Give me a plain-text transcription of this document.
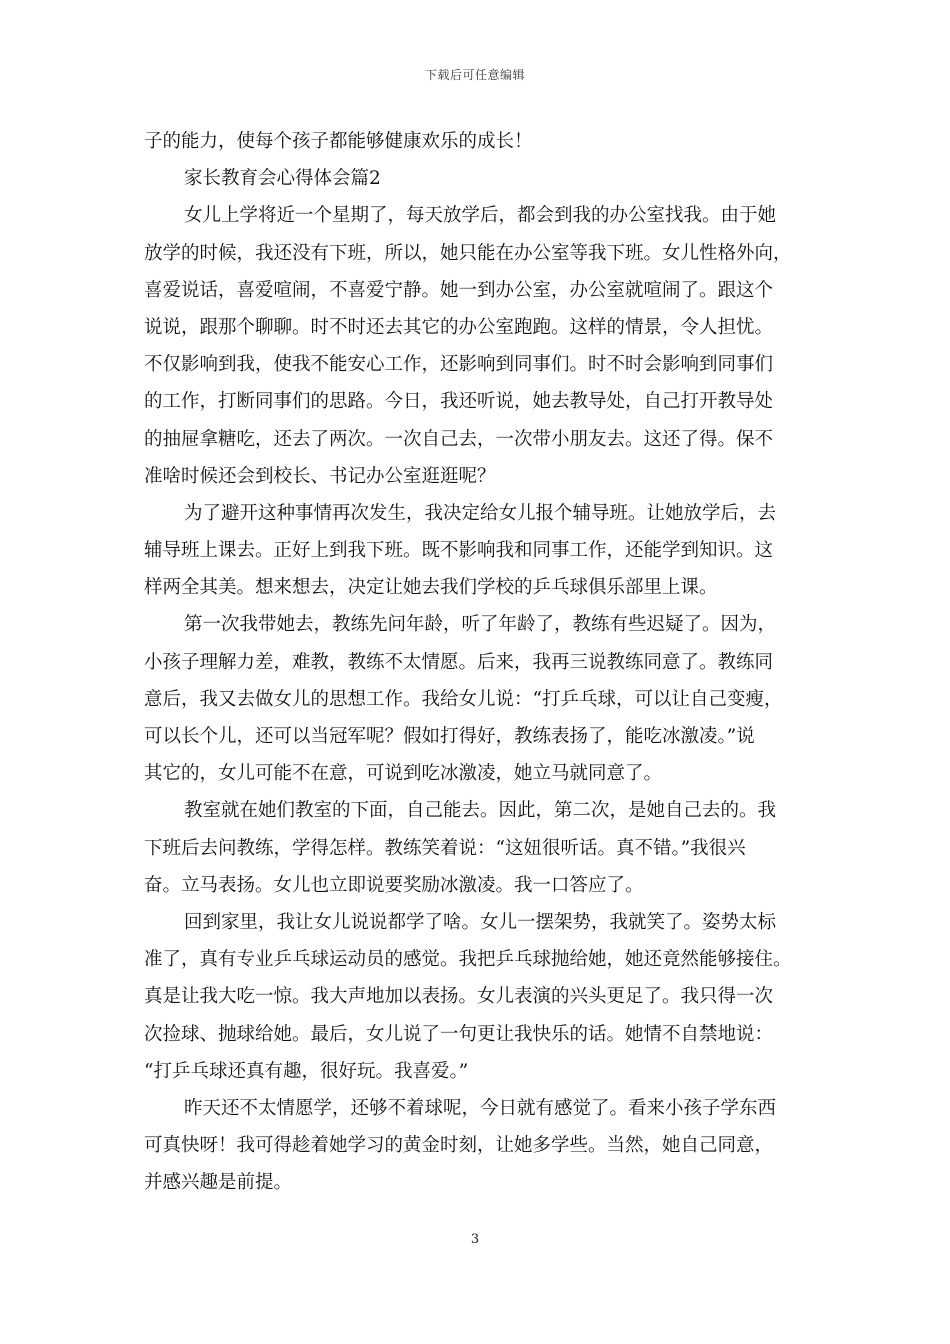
下载后可任意编辑
子的能力，使每个孩子都能够健康欢乐的成长！
家长教育会心得体会篇2
女儿上学将近一个星期了，每天放学后，都会到我的办公室找我。由于她
放学的时候，我还没有下班，所以，她只能在办公室等我下班。女儿性格外向，
喜爱说话，喜爱喧闹，不喜爱宁静。她一到办公室，办公室就喧闹了。跟这个
说说，跟那个聊聊。时不时还去其它的办公室跑跑。这样的情景，令人担忧。
不仅影响到我，使我不能安心工作，还影响到同事们。时不时会影响到同事们
的工作，打断同事们的思路。今日，我还听说，她去教导处，自己打开教导处
的抽屉拿糖吃，还去了两次。一次自己去，一次带小朋友去。这还了得。保不
准啥时候还会到校长、书记办公室逛逛呢？
为了避开这种事情再次发生，我决定给女儿报个辅导班。让她放学后，去
辅导班上课去。正好上到我下班。既不影响我和同事工作，还能学到知识。这
样两全其美。想来想去，决定让她去我们学校的乒乓球俱乐部里上课。
第一次我带她去，教练先问年龄，听了年龄了，教练有些迟疑了。因为，
小孩子理解力差，难教，教练不太情愿。后来，我再三说教练同意了。教练同
意后，我又去做女儿的思想工作。我给女儿说：“打乒乓球，可以让自己变瘦，
可以长个儿，还可以当冠军呢？假如打得好，教练表扬了，能吃冰激凌。”说
其它的，女儿可能不在意，可说到吃冰激凌，她立马就同意了。
教室就在她们教室的下面，自己能去。因此，第二次，是她自己去的。我
下班后去问教练，学得怎样。教练笑着说：“这妞很听话。真不错。”我很兴
奋。立马表扬。女儿也立即说要奖励冰激凌。我一口答应了。
回到家里，我让女儿说说都学了啥。女儿一摆架势，我就笑了。姿势太标
准了，真有专业乒乓球运动员的感觉。我把乒乓球抛给她，她还竟然能够接住。
真是让我大吃一惊。我大声地加以表扬。女儿表演的兴头更足了。我只得一次
次捡球、抛球给她。最后，女儿说了一句更让我快乐的话。她情不自禁地说：
“打乒乓球还真有趣，很好玩。我喜爱。”
昨天还不太情愿学，还够不着球呢，今日就有感觉了。看来小孩子学东西
可真快呀！我可得趁着她学习的黄金时刻，让她多学些。当然，她自己同意，
并感兴趣是前提。
3
